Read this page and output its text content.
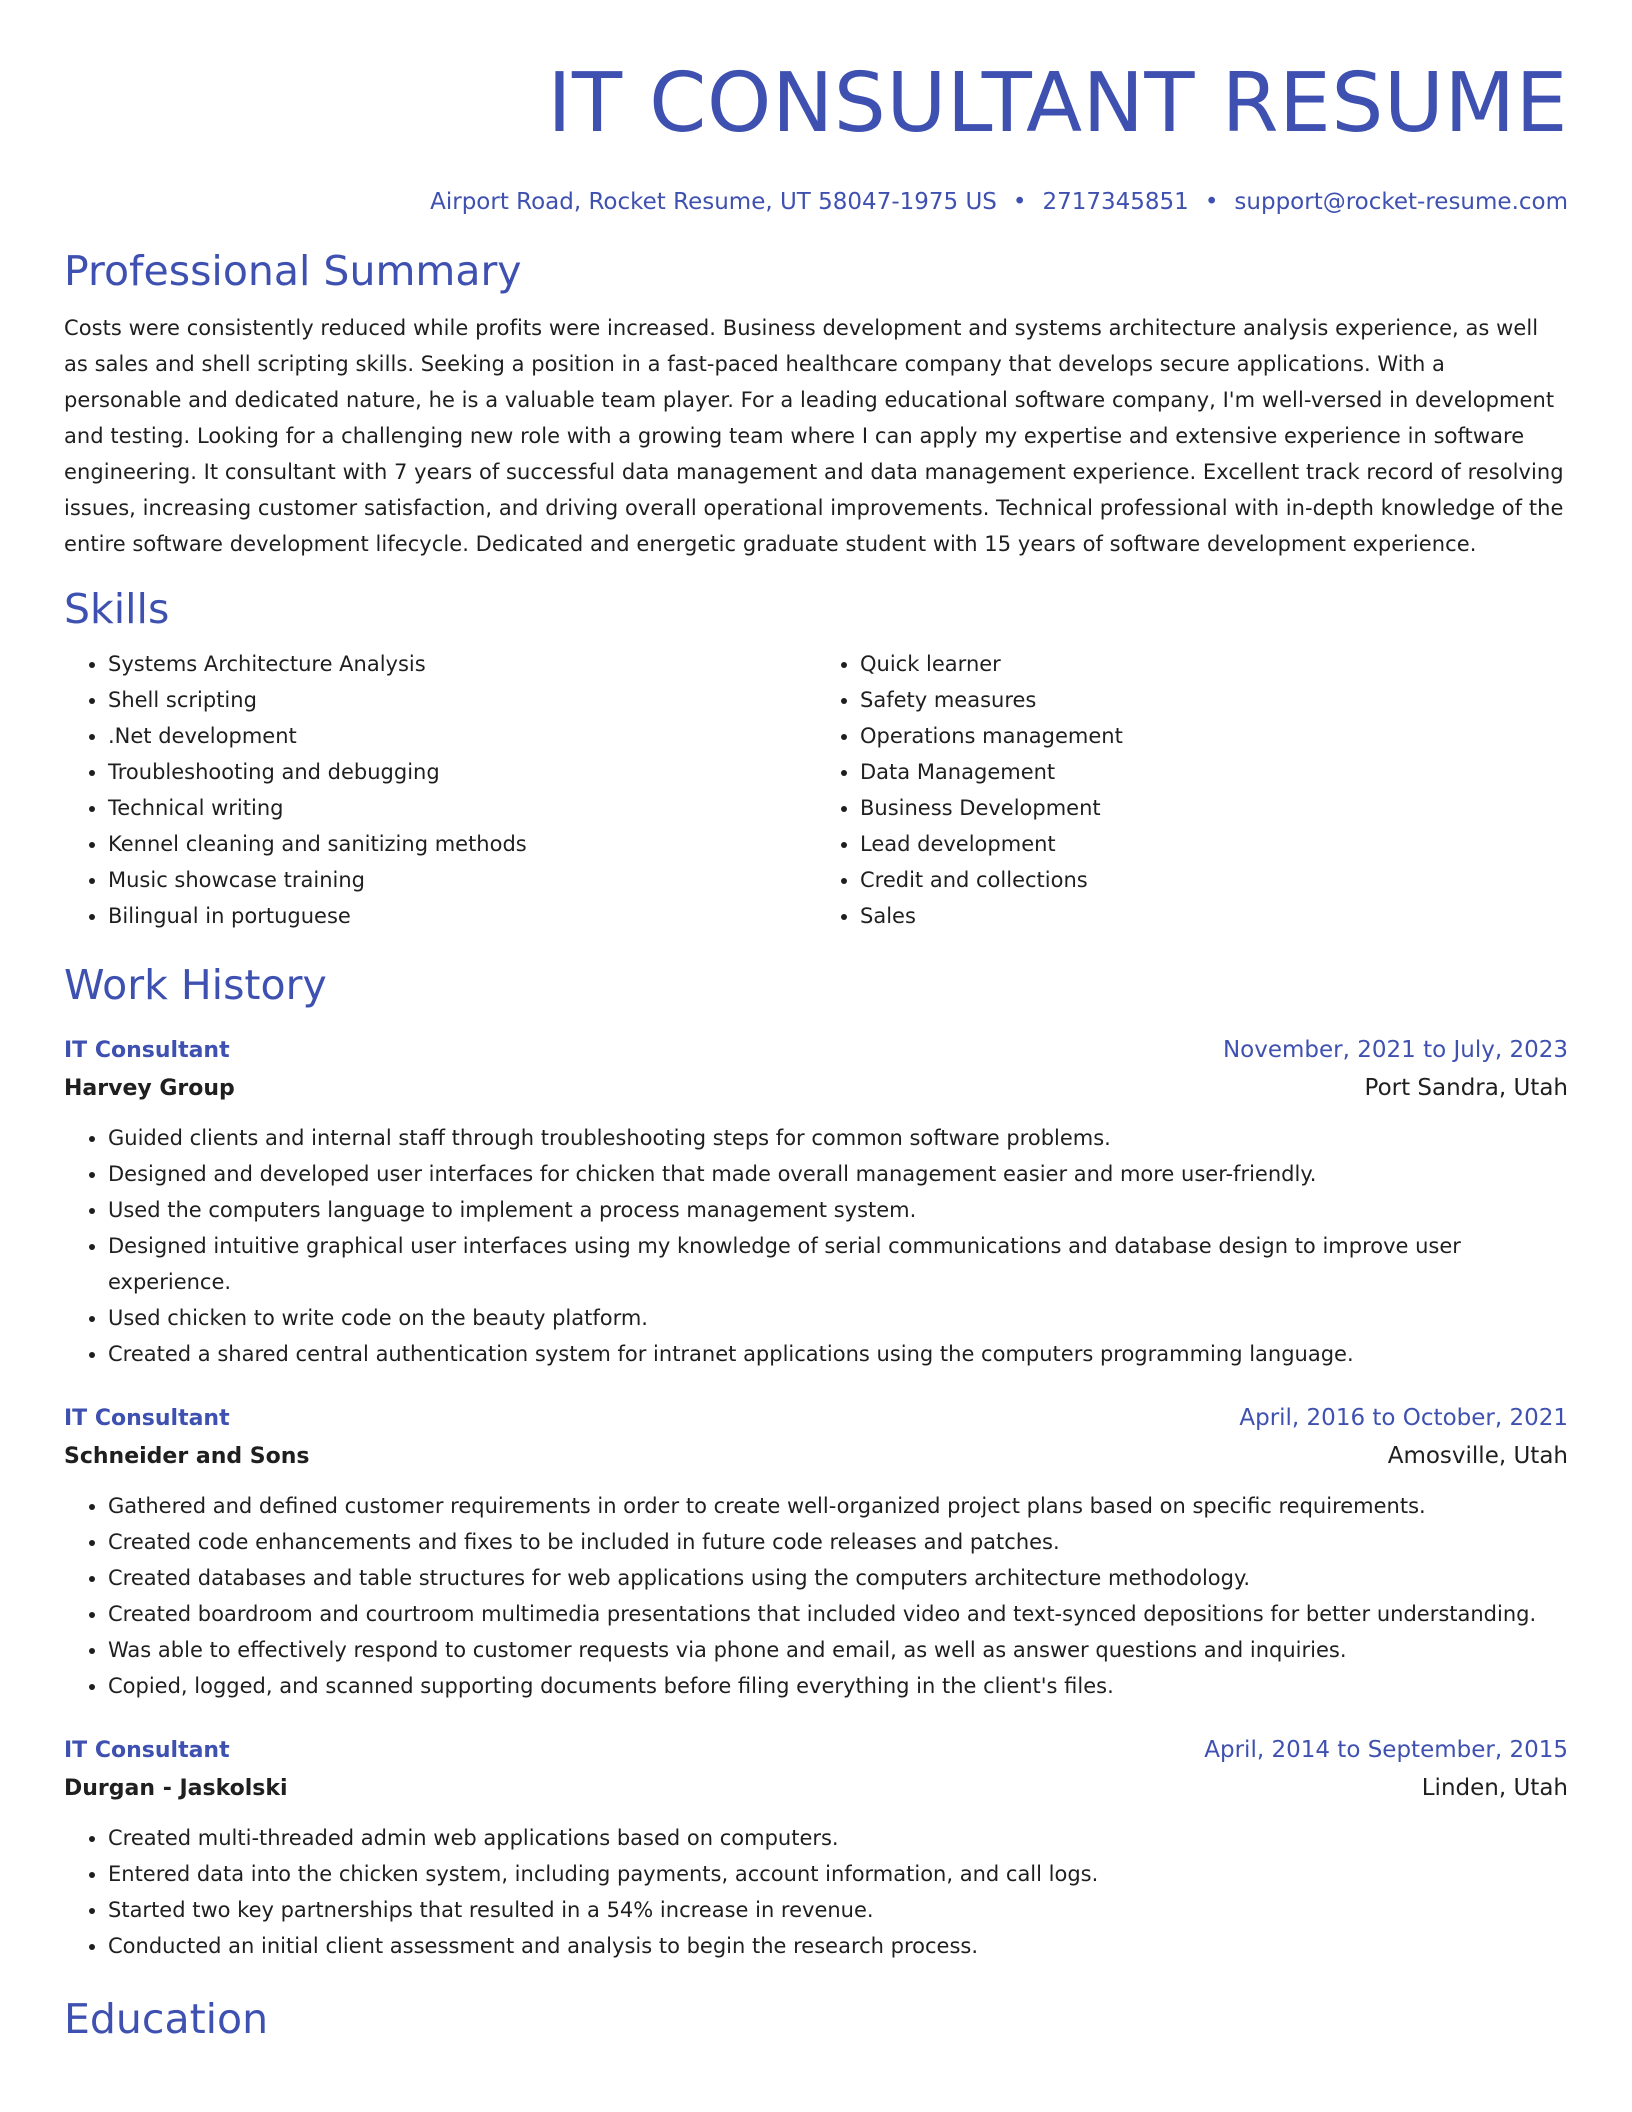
IT CONSULTANT RESUME
Airport Road, Rocket Resume, UT 58047-1975 US • 2717345851 • support@rocket-resume.com
Professional Summary
Costs were consistently reduced while profits were increased. Business development and systems architecture analysis experience, as well as sales and shell scripting skills. Seeking a position in a fast-paced healthcare company that develops secure applications. With a personable and dedicated nature, he is a valuable team player. For a leading educational software company, I'm well-versed in development and testing. Looking for a challenging new role with a growing team where I can apply my expertise and extensive experience in software engineering. It consultant with 7 years of successful data management and data management experience. Excellent track record of resolving issues, increasing customer satisfaction, and driving overall operational improvements. Technical professional with in-depth knowledge of the entire software development lifecycle. Dedicated and energetic graduate student with 15 years of software development experience.
Skills
• Systems Architecture Analysis
• Shell scripting
• .Net development
• Troubleshooting and debugging
• Technical writing
• Kennel cleaning and sanitizing methods
• Music showcase training
• Bilingual in portuguese
• Quick learner
• Safety measures
• Operations management
• Data Management
• Business Development
• Lead development
• Credit and collections
• Sales
Work History
IT Consultant	November, 2021 to July, 2023
Harvey Group	Port Sandra, Utah
• Guided clients and internal staff through troubleshooting steps for common software problems.
• Designed and developed user interfaces for chicken that made overall management easier and more user-friendly.
• Used the computers language to implement a process management system.
• Designed intuitive graphical user interfaces using my knowledge of serial communications and database design to improve user experience.
• Used chicken to write code on the beauty platform.
• Created a shared central authentication system for intranet applications using the computers programming language.
IT Consultant	April, 2016 to October, 2021
Schneider and Sons	Amosville, Utah
• Gathered and defined customer requirements in order to create well-organized project plans based on specific requirements.
• Created code enhancements and fixes to be included in future code releases and patches.
• Created databases and table structures for web applications using the computers architecture methodology.
• Created boardroom and courtroom multimedia presentations that included video and text-synced depositions for better understanding.
• Was able to effectively respond to customer requests via phone and email, as well as answer questions and inquiries.
• Copied, logged, and scanned supporting documents before filing everything in the client's files.
IT Consultant	April, 2014 to September, 2015
Durgan - Jaskolski	Linden, Utah
• Created multi-threaded admin web applications based on computers.
• Entered data into the chicken system, including payments, account information, and call logs.
• Started two key partnerships that resulted in a 54% increase in revenue.
• Conducted an initial client assessment and analysis to begin the research process.
Education
